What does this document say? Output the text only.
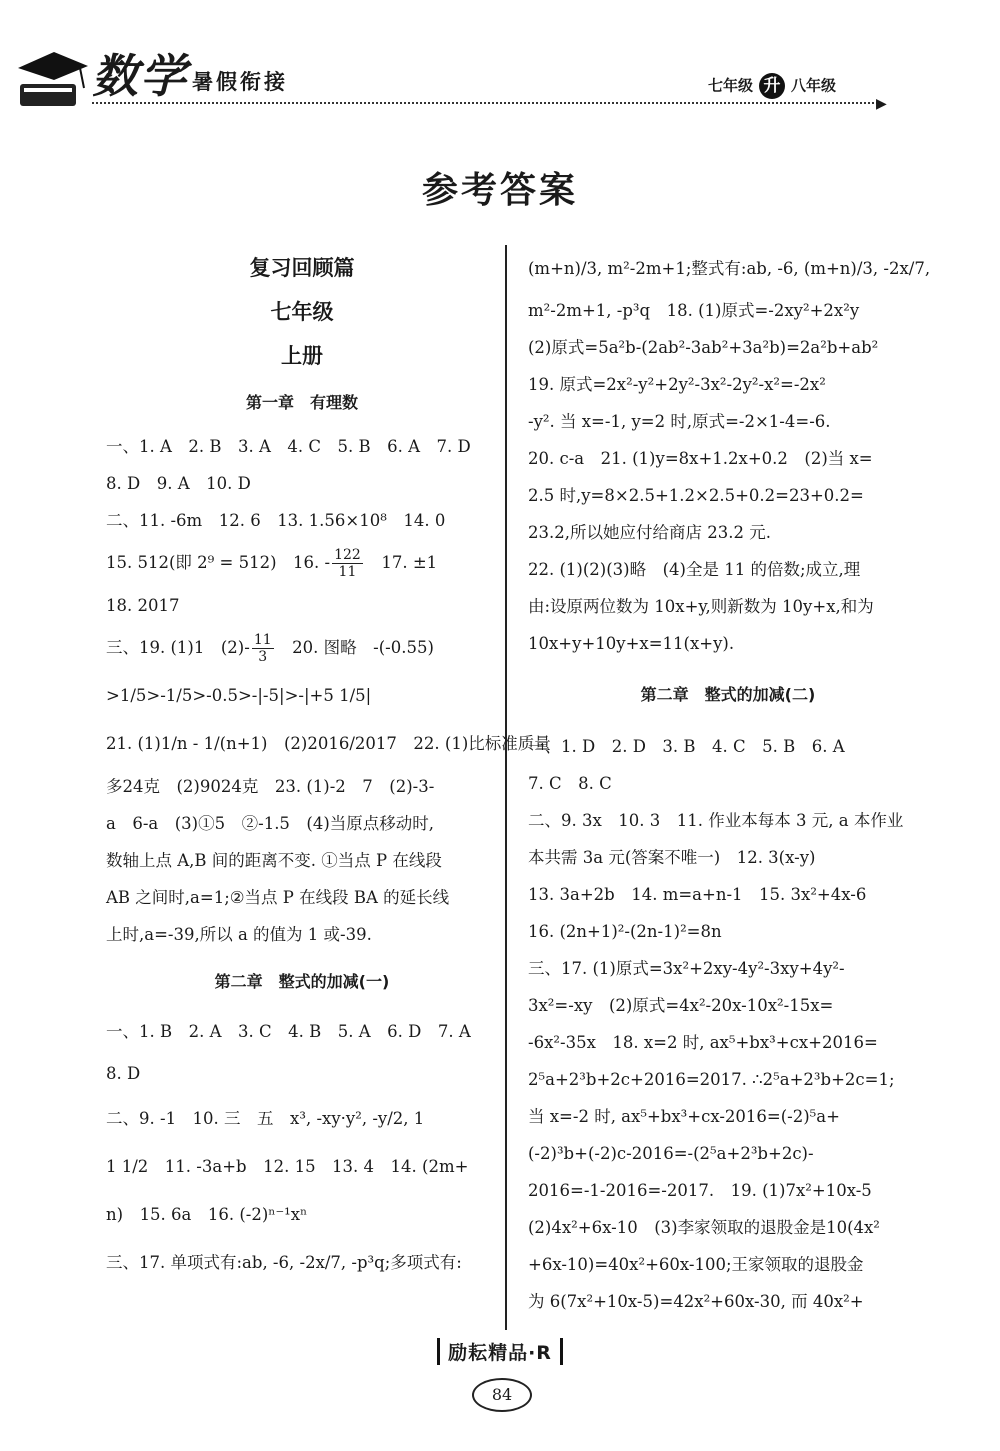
数学 暑假衔接	七年级 升 八年级
▶
参考答案

复习回顾篇

七年级

上册

第一章　有理数

一、1. A　2. B　3. A　4. C　5. B　6. A　7. D

8. D　9. A　10. D

二、11. -6m　12. 6　13. 1.56×10⁸　14. 0

15. 512(即 2⁹ = 512)　16. - $\frac{122}{11}$ 　17. ±1

18. 2017

三、19. (1)1　$(2)- \frac{11}{3}$ 　20. 图略　-(-0.55)

>1/5>-1/5>-0.5>-|-5|>-|+5 1/5|

21. (1)1/n - 1/(n+1)　(2)2016/2017　22. (1)比标准质量

多24克　(2)9024克　23. (1)-2　7　(2)-3-

a　6-a　(3)①5　②-1.5　(4)当原点移动时,

数轴上点 A,B 间的距离不变. ①当点 P 在线段

AB 之间时,a=1;②当点 P 在线段 BA 的延长线

上时,a=-39,所以 a 的值为 1 或-39.

第二章　整式的加减(一)

一、1. B　2. A　3. C　4. B　5. A　6. D　7. A

8. D

二、9. -1　10. 三　五　x³, -xy·y², -y/2, 1

1 1/2　11. -3a+b　12. 15　13. 4　14. (2m+

n)　15. 6a　16. (-2)ⁿ⁻¹xⁿ

三、17. 单项式有:ab, -6, -2x/7, -p³q;多项式有:

(m+n)/3, m²-2m+1;整式有:ab, -6, (m+n)/3, -2x/7,

m²-2m+1, -p³q　18. (1)原式=-2xy²+2x²y

(2)原式=5a²b-(2ab²-3ab²+3a²b)=2a²b+ab²

19. 原式=2x²-y²+2y²-3x²-2y²-x²=-2x²

-y². 当 x=-1, y=2 时,原式=-2×1-4=-6.

20. c-a　21. (1)y=8x+1.2x+0.2　(2)当 x=

2.5 时,y=8×2.5+1.2×2.5+0.2=23+0.2=

23.2,所以她应付给商店 23.2 元.

22. (1)(2)(3)略　(4)全是 11 的倍数;成立,理

由:设原两位数为 10x+y,则新数为 10y+x,和为

10x+y+10y+x=11(x+y).

第二章　整式的加减(二)

一、1. D　2. D　3. B　4. C　5. B　6. A

7. C　8. C

二、9. 3x　10. 3　11. 作业本每本 3 元, a 本作业

本共需 3a 元(答案不唯一)　12. 3(x-y)

13. 3a+2b　14. m=a+n-1　15. 3x²+4x-6

16. (2n+1)²-(2n-1)²=8n

三、17. (1)原式=3x²+2xy-4y²-3xy+4y²-

3x²=-xy　(2)原式=4x²-20x-10x²-15x=

-6x²-35x　18. x=2 时, ax⁵+bx³+cx+2016=

2⁵a+2³b+2c+2016=2017. ∴2⁵a+2³b+2c=1;

当 x=-2 时, ax⁵+bx³+cx-2016=(-2)⁵a+

(-2)³b+(-2)c-2016=-(2⁵a+2³b+2c)-

2016=-1-2016=-2017.　19. (1)7x²+10x-5

(2)4x²+6x-10　(3)李家领取的退股金是10(4x²

+6x-10)=40x²+60x-100;王家领取的退股金

为 6(7x²+10x-5)=42x²+60x-30, 而 40x²+

励耘精品·R
84
